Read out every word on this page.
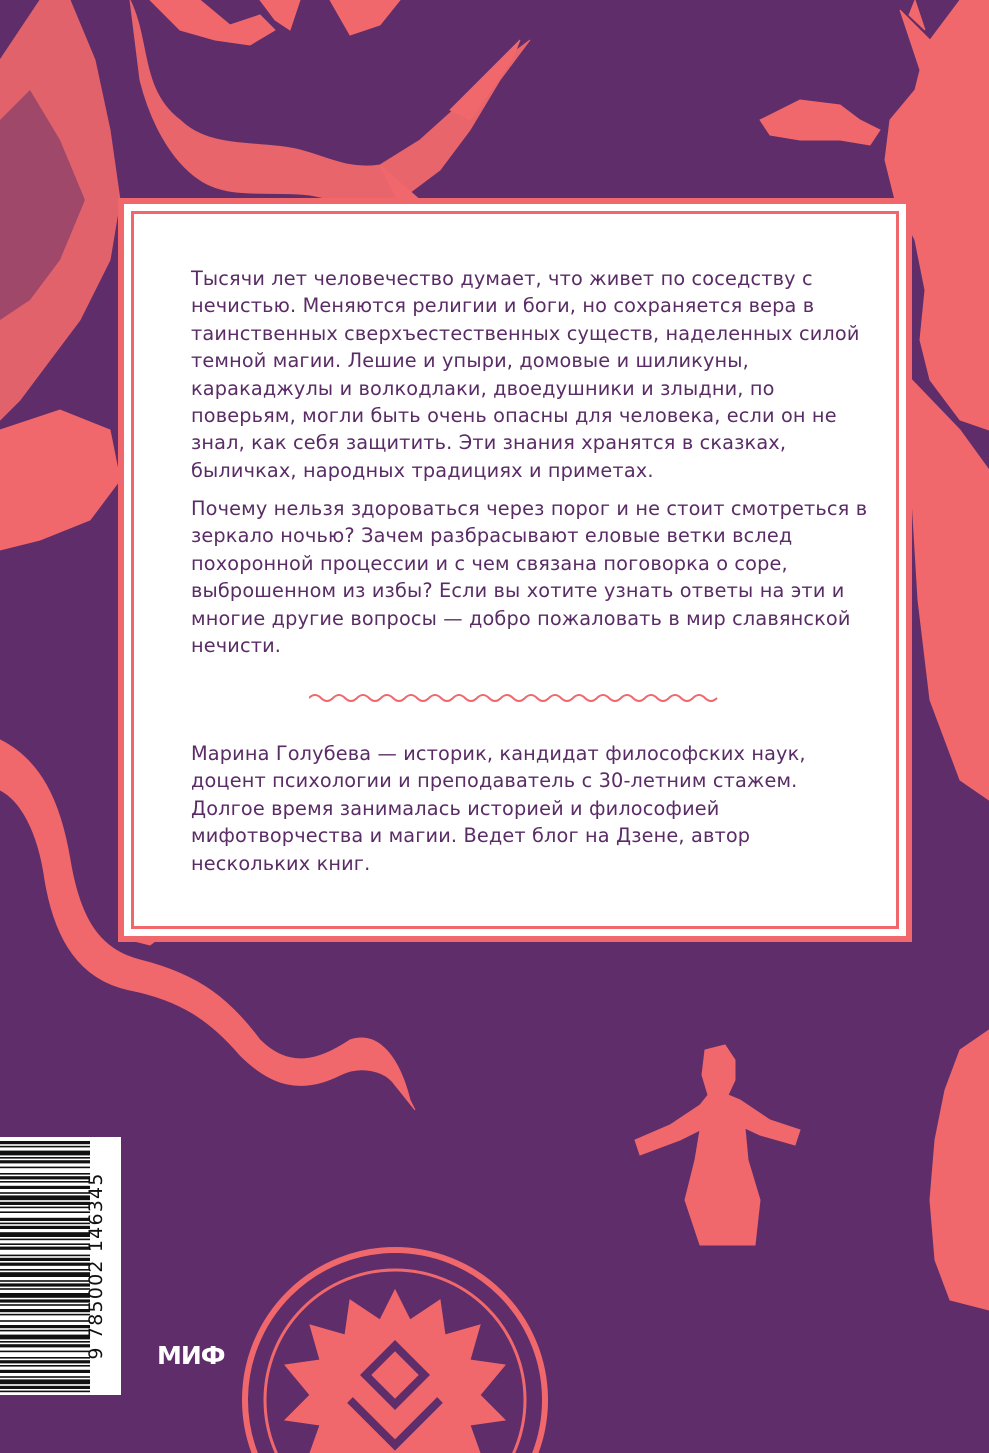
Тысячи лет человечество думает, что живет по соседству с нечистью. Меняются религии и боги, но сохраняется вера в таинственных сверхъестественных существ, наделенных силой темной магии. Лешие и упыри, домовые и шиликуны, каракаджулы и волкодлаки, двоедушники и злыдни, по поверьям, могли быть очень опасны для человека, если он не знал, как себя защитить. Эти знания хранятся в сказках, быличках, народных традициях и приметах.

Почему нельзя здороваться через порог и не стоит смотреться в зеркало ночью? Зачем разбрасывают еловые ветки вслед похоронной процессии и с чем связана поговорка о соре, выброшенном из избы? Если вы хотите узнать ответы на эти и многие другие вопросы — добро пожаловать в мир славянской нечисти.

Марина Голубева — историк, кандидат философских наук, доцент психологии и преподаватель с 30-летним стажем. Долгое время занималась историей и философией мифотворчества и магии. Ведет блог на Дзене, автор нескольких книг.

9 785002 146345 МИФ
